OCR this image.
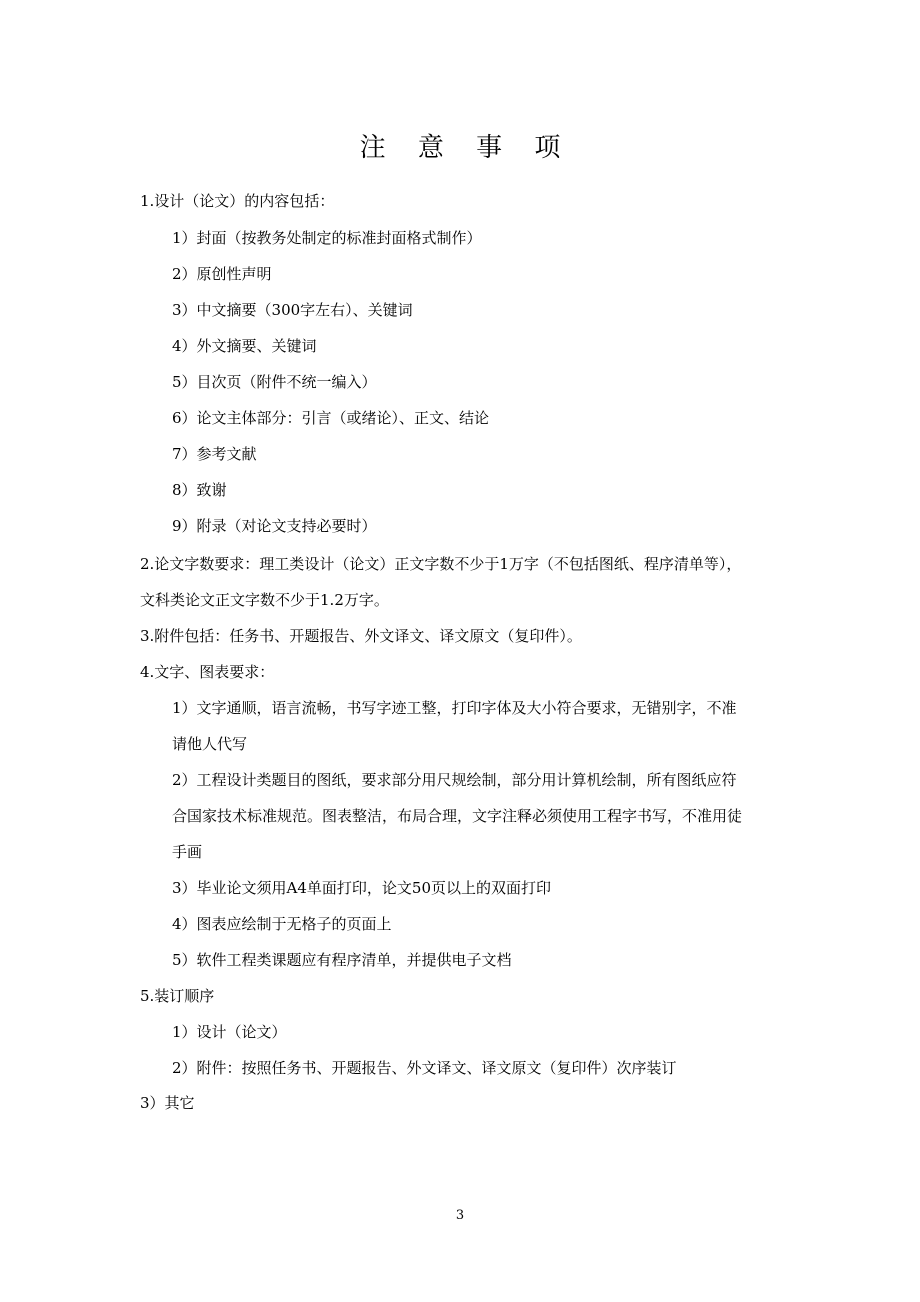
注 意 事 项
1.设计（论文）的内容包括：
1）封面（按教务处制定的标准封面格式制作）
2）原创性声明
3）中文摘要（300字左右）、关键词
4）外文摘要、关键词
5）目次页（附件不统一编入）
6）论文主体部分：引言（或绪论）、正文、结论
7）参考文献
8）致谢
9）附录（对论文支持必要时）
2.论文字数要求：理工类设计（论文）正文字数不少于1万字（不包括图纸、程序清单等），
文科类论文正文字数不少于1.2万字。
3.附件包括：任务书、开题报告、外文译文、译文原文（复印件）。
4.文字、图表要求：
1）文字通顺，语言流畅，书写字迹工整，打印字体及大小符合要求，无错别字，不准
请他人代写
2）工程设计类题目的图纸，要求部分用尺规绘制，部分用计算机绘制，所有图纸应符
合国家技术标准规范。图表整洁，布局合理，文字注释必须使用工程字书写，不准用徒
手画
3）毕业论文须用A4单面打印，论文50页以上的双面打印
4）图表应绘制于无格子的页面上
5）软件工程类课题应有程序清单，并提供电子文档
5.装订顺序
1）设计（论文）
2）附件：按照任务书、开题报告、外文译文、译文原文（复印件）次序装订
3）其它
3
